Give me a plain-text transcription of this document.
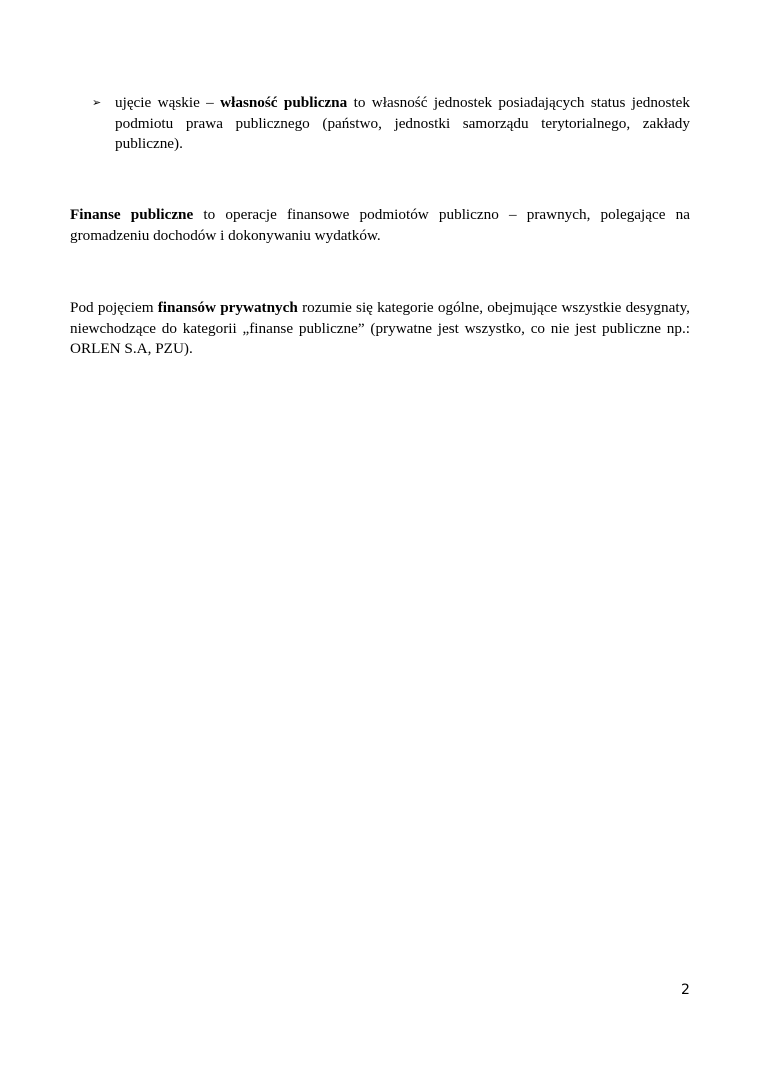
➢ ujęcie wąskie – własność publiczna to własność jednostek posiadających status jednostek podmiotu prawa publicznego (państwo, jednostki samorządu terytorialnego, zakłady publiczne).

Finanse publiczne to operacje finansowe podmiotów publiczno – prawnych, polegające na gromadzeniu dochodów i dokonywaniu wydatków.

Pod pojęciem finansów prywatnych rozumie się kategorie ogólne, obejmujące wszystkie desygnaty, niewchodzące do kategorii „finanse publiczne” (prywatne jest wszystko, co nie jest publiczne np.: ORLEN S.A, PZU).

2
